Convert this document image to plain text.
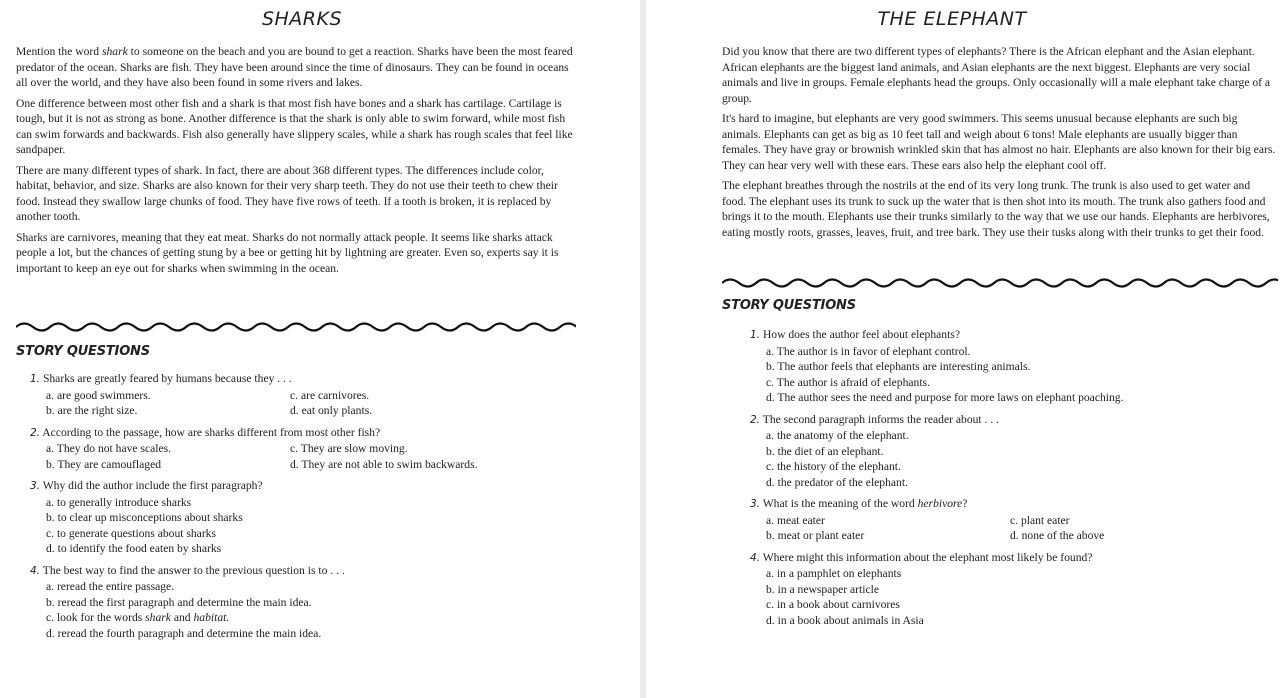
SHARKS

Mention the word shark to someone on the beach and you are bound to get a reaction. Sharks have been the most feared predator of the ocean. Sharks are fish. They have been around since the time of dinosaurs. They can be found in oceans all over the world, and they have also been found in some rivers and lakes.

One difference between most other fish and a shark is that most fish have bones and a shark has cartilage. Cartilage is tough, but it is not as strong as bone. Another difference is that the shark is only able to swim forward, while most fish can swim forwards and backwards. Fish also generally have slippery scales, while a shark has rough scales that feel like sandpaper.

There are many different types of shark. In fact, there are about 368 different types. The differences include color, habitat, behavior, and size. Sharks are also known for their very sharp teeth. They do not use their teeth to chew their food. Instead they swallow large chunks of food. They have five rows of teeth. If a tooth is broken, it is replaced by another tooth.

Sharks are carnivores, meaning that they eat meat. Sharks do not normally attack people. It seems like sharks attack people a lot, but the chances of getting stung by a bee or getting hit by lightning are greater. Even so, experts say it is important to keep an eye out for sharks when swimming in the ocean.

STORY QUESTIONS
1. Sharks are greatly feared by humans because they . . .
a. are good swimmers.	c. are carnivores.
b. are the right size.	d. eat only plants.
2. According to the passage, how are sharks different from most other fish?
a. They do not have scales.	c. They are slow moving.
b. They are camouflaged	d. They are not able to swim backwards.
3. Why did the author include the first paragraph?
a. to generally introduce sharks
b. to clear up misconceptions about sharks
c. to generate questions about sharks
d. to identify the food eaten by sharks
4. The best way to find the answer to the previous question is to . . .
a. reread the entire passage.
b. reread the first paragraph and determine the main idea.
c. look for the words shark and habitat.
d. reread the fourth paragraph and determine the main idea.
THE ELEPHANT

Did you know that there are two different types of elephants? There is the African elephant and the Asian elephant. African elephants are the biggest land animals, and Asian elephants are the next biggest. Elephants are very social animals and live in groups. Female elephants head the groups. Only occasionally will a male elephant take charge of a group.

It's hard to imagine, but elephants are very good swimmers. This seems unusual because elephants are such big animals. Elephants can get as big as 10 feet tall and weigh about 6 tons! Male elephants are usually bigger than females. They have gray or brownish wrinkled skin that has almost no hair. Elephants are also known for their big ears. They can hear very well with these ears. These ears also help the elephant cool off.

The elephant breathes through the nostrils at the end of its very long trunk. The trunk is also used to get water and food. The elephant uses its trunk to suck up the water that is then shot into its mouth. The trunk also gathers food and brings it to the mouth. Elephants use their trunks similarly to the way that we use our hands. Elephants are herbivores, eating mostly roots, grasses, leaves, fruit, and tree bark. They use their tusks along with their trunks to get their food.

STORY QUESTIONS
1. How does the author feel about elephants?
a. The author is in favor of elephant control.
b. The author feels that elephants are interesting animals.
c. The author is afraid of elephants.
d. The author sees the need and purpose for more laws on elephant poaching.
2. The second paragraph informs the reader about . . .
a. the anatomy of the elephant.
b. the diet of an elephant.
c. the history of the elephant.
d. the predator of the elephant.
3. What is the meaning of the word herbivore?
a. meat eater	c. plant eater
b. meat or plant eater	d. none of the above
4. Where might this information about the elephant most likely be found?
a. in a pamphlet on elephants
b. in a newspaper article
c. in a book about carnivores
d. in a book about animals in Asia
